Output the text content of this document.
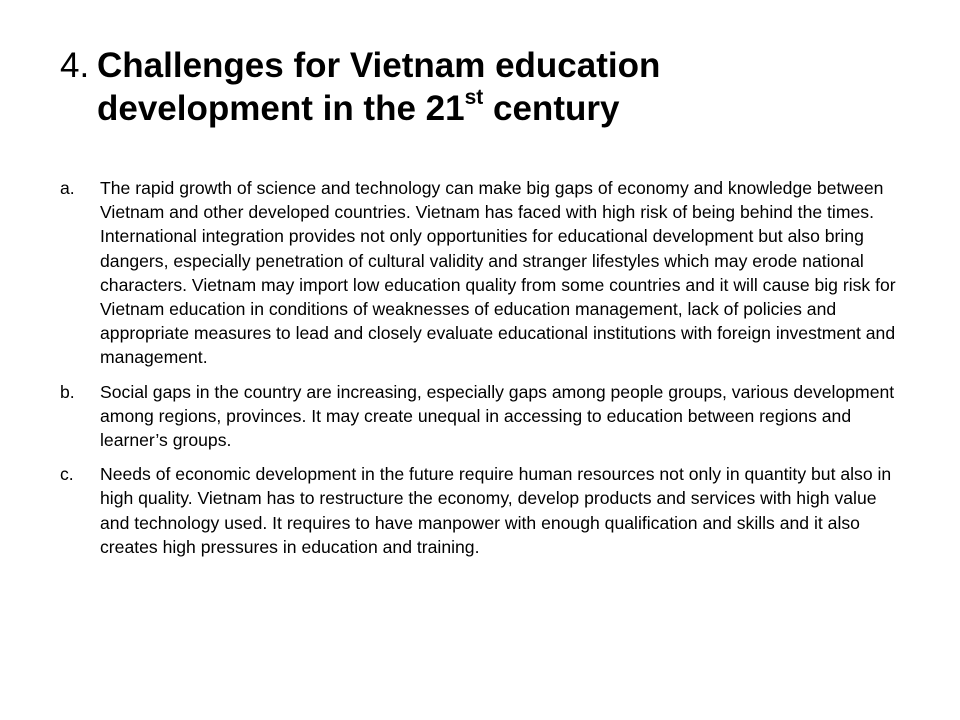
4. Challenges for Vietnam education
development in the 21st century
a.	The rapid growth of science and technology can make big gaps of economy and knowledge between Vietnam and other developed countries. Vietnam has faced with high risk of being behind the times. International integration provides not only opportunities for educational development but also bring dangers, especially penetration of cultural validity and stranger lifestyles which may erode national characters. Vietnam may import low education quality from some countries and it will cause big risk for Vietnam education in conditions of weaknesses of education management, lack of policies and appropriate measures to lead and closely evaluate educational institutions with foreign investment and management.
b.	Social gaps in the country are increasing, especially gaps among people groups, various development among regions, provinces. It may create unequal in accessing to education between regions and learner’s groups.
c.	Needs of economic development in the future require human resources not only in quantity but also in high quality. Vietnam has to restructure the economy, develop products and services with high value and technology used. It requires to have manpower with enough qualification and skills and it also creates high pressures in education and training.
